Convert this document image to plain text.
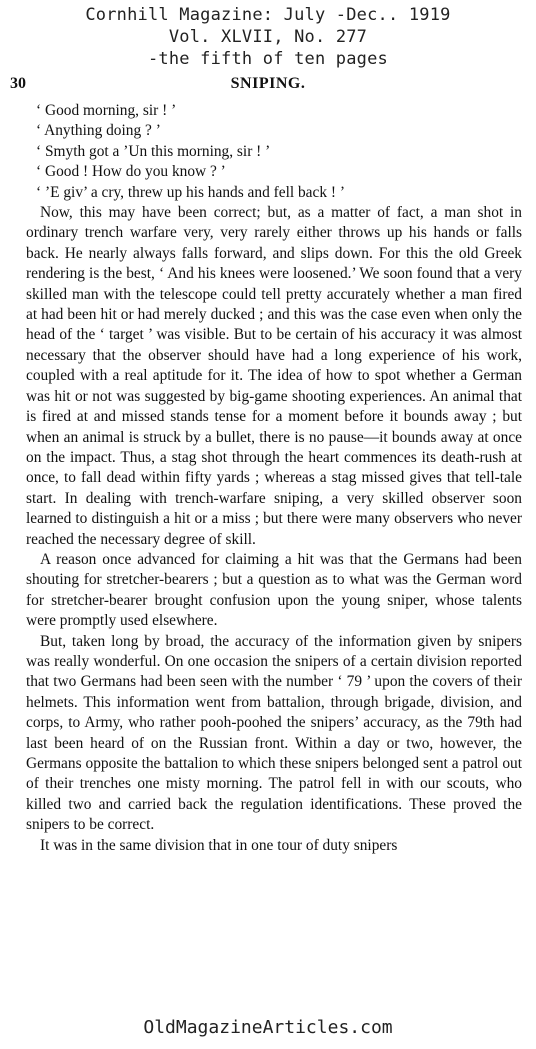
Cornhill Magazine: July -Dec.. 1919
Vol. XLVII, No. 277
-the fifth of ten pages
30	SNIPING.

‘ Good morning, sir ! ’

‘ Anything doing ? ’

‘ Smyth got a ’Un this morning, sir ! ’

‘ Good ! How do you know ? ’

‘ ’E giv’ a cry, threw up his hands and fell back ! ’

Now, this may have been correct; but, as a matter of fact, a man shot in ordinary trench warfare very, very rarely either throws up his hands or falls back. He nearly always falls forward, and slips down. For this the old Greek rendering is the best, ‘ And his knees were loosened.’ We soon found that a very skilled man with the telescope could tell pretty accurately whether a man fired at had been hit or had merely ducked ; and this was the case even when only the head of the ‘ target ’ was visible. But to be certain of his accuracy it was almost necessary that the observer should have had a long experience of his work, coupled with a real aptitude for it. The idea of how to spot whether a German was hit or not was suggested by big-game shooting experiences. An animal that is fired at and missed stands tense for a moment before it bounds away ; but when an animal is struck by a bullet, there is no pause—it bounds away at once on the impact. Thus, a stag shot through the heart commences its death-rush at once, to fall dead within fifty yards ; whereas a stag missed gives that tell-tale start. In dealing with trench-warfare sniping, a very skilled observer soon learned to distinguish a hit or a miss ; but there were many observers who never reached the necessary degree of skill.

A reason once advanced for claiming a hit was that the Germans had been shouting for stretcher-bearers ; but a question as to what was the German word for stretcher-bearer brought confusion upon the young sniper, whose talents were promptly used elsewhere.

But, taken long by broad, the accuracy of the information given by snipers was really wonderful. On one occasion the snipers of a certain division reported that two Germans had been seen with the number ‘ 79 ’ upon the covers of their helmets. This information went from battalion, through brigade, division, and corps, to Army, who rather pooh-poohed the snipers’ accuracy, as the 79th had last been heard of on the Russian front. Within a day or two, however, the Germans opposite the battalion to which these snipers belonged sent a patrol out of their trenches one misty morning. The patrol fell in with our scouts, who killed two and carried back the regulation identifications. These proved the snipers to be correct.

It was in the same division that in one tour of duty snipers

OldMagazineArticles.com
